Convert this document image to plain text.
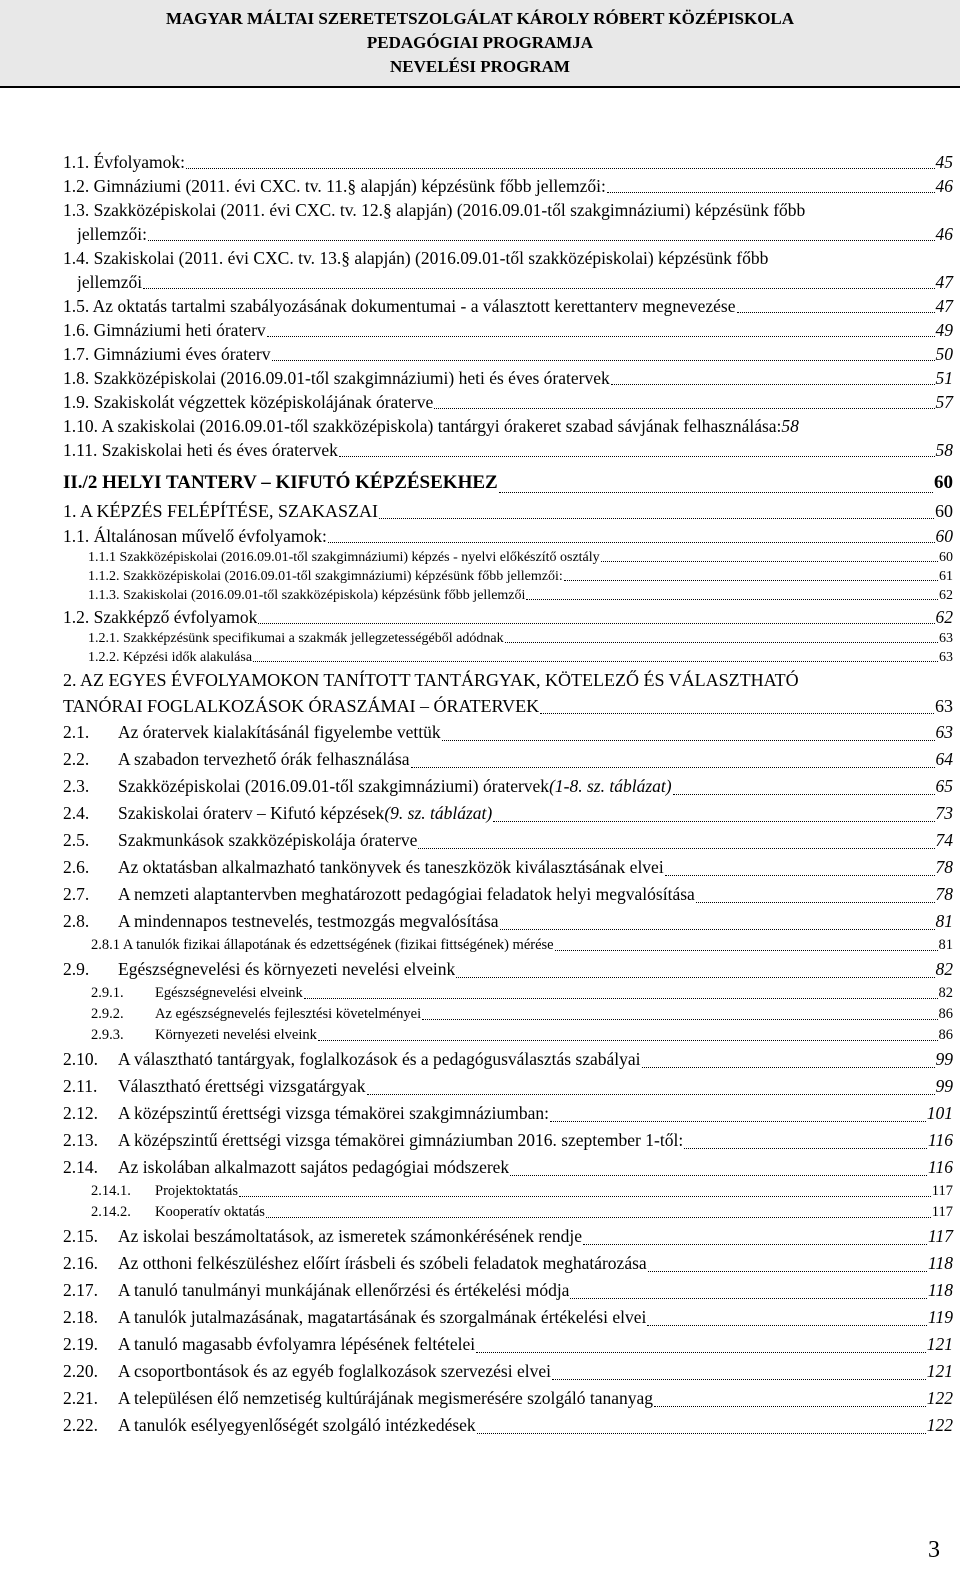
MAGYAR MÁLTAI SZERETETSZOLGÁLAT KÁROLY RÓBERT KÖZÉPISKOLA
PEDAGÓGIAI PROGRAMJA
NEVELÉSI PROGRAM
1.1. Évfolyamok:	45
1.2. Gimnáziumi (2011. évi CXC. tv. 11.§ alapján) képzésünk főbb jellemzői:	46
1.3. Szakközépiskolai (2011. évi CXC. tv. 12.§ alapján) (2016.09.01-től szakgimnáziumi) képzésünk főbb
jellemzői:	46
1.4. Szakiskolai (2011. évi CXC. tv. 13.§ alapján) (2016.09.01-től szakközépiskolai) képzésünk főbb
jellemzői	47
1.5. Az oktatás tartalmi szabályozásának dokumentumai - a választott kerettanterv megnevezése	47
1.6. Gimnáziumi heti óraterv	49
1.7. Gimnáziumi éves óraterv	50
1.8. Szakközépiskolai (2016.09.01-től szakgimnáziumi) heti és éves óratervek	51
1.9. Szakiskolát végzettek középiskolájának óraterve	57
1.10. A szakiskolai (2016.09.01-től szakközépiskola) tantárgyi órakeret szabad sávjának felhasználása: 58
1.11. Szakiskolai heti és éves óratervek	58
II./2 HELYI TANTERV – KIFUTÓ KÉPZÉSEKHEZ	60
1. A KÉPZÉS FELÉPÍTÉSE, SZAKASZAI	60
1.1. Általánosan művelő évfolyamok:	60
1.1.1 Szakközépiskolai (2016.09.01-től szakgimnáziumi) képzés - nyelvi előkészítő osztály	60
1.1.2. Szakközépiskolai (2016.09.01-től szakgimnáziumi) képzésünk főbb jellemzői:	61
1.1.3. Szakiskolai (2016.09.01-től szakközépiskola) képzésünk főbb jellemzői	62
1.2. Szakképző évfolyamok	62
1.2.1. Szakképzésünk specifikumai a szakmák jellegzetességéből adódnak	63
1.2.2. Képzési idők alakulása	63
2. AZ EGYES ÉVFOLYAMOKON TANÍTOTT TANTÁRGYAK, KÖTELEZŐ ÉS VÁLASZTHATÓ
TANÓRAI FOGLALKOZÁSOK ÓRASZÁMAI – ÓRATERVEK	63
2.1.	Az óratervek kialakításánál figyelembe vettük	63
2.2.	A szabadon tervezhető órák felhasználása	64
2.3.	Szakközépiskolai (2016.09.01-től szakgimnáziumi) óratervek (1-8. sz. táblázat)	65
2.4.	Szakiskolai óraterv – Kifutó képzések (9. sz. táblázat)	73
2.5.	Szakmunkások szakközépiskolája óraterve	74
2.6.	Az oktatásban alkalmazható tankönyvek és taneszközök kiválasztásának elvei	78
2.7.	A nemzeti alaptantervben meghatározott pedagógiai feladatok helyi megvalósítása	78
2.8.	A mindennapos testnevelés, testmozgás megvalósítása	81
2.8.1 A tanulók fizikai állapotának és edzettségének (fizikai fittségének) mérése	81
2.9.	Egészségnevelési és környezeti nevelési elveink	82
2.9.1.	Egészségnevelési elveink	82
2.9.2.	Az egészségnevelés fejlesztési követelményei	86
2.9.3.	Környezeti nevelési elveink	86
2.10.	A választható tantárgyak, foglalkozások és a pedagógusválasztás szabályai	99
2.11.	Választható érettségi vizsgatárgyak	99
2.12.	A középszintű érettségi vizsga témakörei szakgimnáziumban:	101
2.13.	A középszintű érettségi vizsga témakörei gimnáziumban 2016. szeptember 1-től:	116
2.14.	Az iskolában alkalmazott sajátos pedagógiai módszerek	116
2.14.1.	Projektoktatás	117
2.14.2.	Kooperatív oktatás	117
2.15.	Az iskolai beszámoltatások, az ismeretek számonkérésének rendje	117
2.16.	Az otthoni felkészüléshez előírt írásbeli és szóbeli feladatok meghatározása	118
2.17.	A tanuló tanulmányi munkájának ellenőrzési és értékelési módja	118
2.18.	A tanulók jutalmazásának, magatartásának és szorgalmának értékelési elvei	119
2.19.	A tanuló magasabb évfolyamra lépésének feltételei	121
2.20.	A csoportbontások és az egyéb foglalkozások szervezési elvei	121
2.21.	A településen élő nemzetiség kultúrájának megismerésére szolgáló tananyag	122
2.22.	A tanulók esélyegyenlőségét szolgáló intézkedések	122
3
